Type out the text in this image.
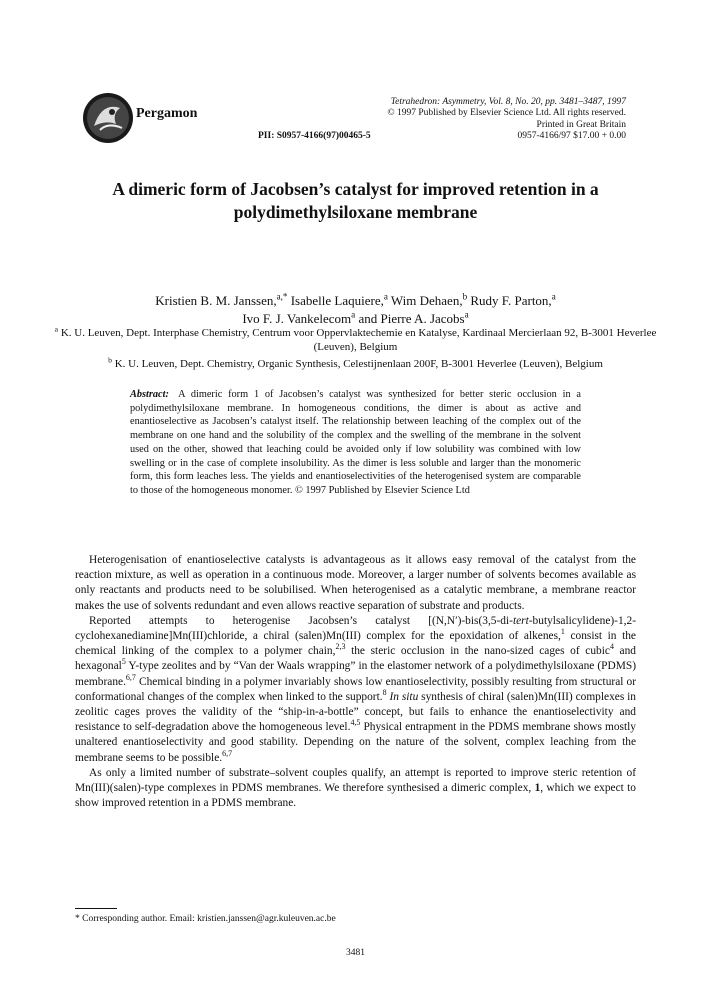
Pergamon
Tetrahedron: Asymmetry, Vol. 8, No. 20, pp. 3481–3487, 1997
© 1997 Published by Elsevier Science Ltd. All rights reserved.
Printed in Great Britain
0957-4166/97 $17.00 + 0.00
PII: S0957-4166(97)00465-5
A dimeric form of Jacobsen’s catalyst for improved retention in a polydimethylsiloxane membrane
Kristien B. M. Janssen,$^{a,*}$ Isabelle Laquiere,$^a$ Wim Dehaen,$^b$ Rudy F. Parton,$^a$
Ivo F. J. Vankelecom$^a$ and Pierre A. Jacobs$^a$
$^a$ K. U. Leuven, Dept. Interphase Chemistry, Centrum voor Oppervlaktechemie en Katalyse, Kardinaal Mercierlaan 92, B-3001 Heverlee (Leuven), Belgium
$^b$ K. U. Leuven, Dept. Chemistry, Organic Synthesis, Celestijnenlaan 200F, B-3001 Heverlee (Leuven), Belgium
Abstract: A dimeric form 1 of Jacobsen’s catalyst was synthesized for better steric occlusion in a polydimethylsiloxane membrane. In homogeneous conditions, the dimer is about as active and enantioselective as Jacobsen’s catalyst itself. The relationship between leaching of the complex out of the membrane on one hand and the solubility of the complex and the swelling of the membrane in the solvent used on the other, showed that leaching could be avoided only if low solubility was combined with low swelling or in the case of complete insolubility. As the dimer is less soluble and larger than the monomeric form, this form leaches less. The yields and enantioselectivities of the heterogenised system are comparable to those of the homogeneous monomer. © 1997 Published by Elsevier Science Ltd

Heterogenisation of enantioselective catalysts is advantageous as it allows easy removal of the catalyst from the reaction mixture, as well as operation in a continuous mode. Moreover, a larger number of solvents becomes available as only reactants and products need to be solubilised. When heterogenised as a catalytic membrane, a membrane reactor makes the use of solvents redundant and even allows reactive separation of substrate and products.

Reported attempts to heterogenise Jacobsen’s catalyst [(N,N′)-bis(3,5-di-tert-butylsalicylidene)-1,2-cyclohexanediamine]Mn(III)chloride, a chiral (salen)Mn(III) complex for the epoxidation of alkenes,$^1$ consist in the chemical linking of the complex to a polymer chain,$^{2,3}$ the steric occlusion in the nano-sized cages of cubic$^4$ and hexagonal$^5$ Y-type zeolites and by “Van der Waals wrapping” in the elastomer network of a polydimethylsiloxane (PDMS) membrane.$^{6,7}$ Chemical binding in a polymer invariably shows low enantioselectivity, possibly resulting from structural or conformational changes of the complex when linked to the support.$^8$ In situ synthesis of chiral (salen)Mn(III) complexes in zeolitic cages proves the validity of the “ship-in-a-bottle” concept, but fails to enhance the enantioselectivity and resistance to self-degradation above the homogeneous level.$^{4,5}$ Physical entrapment in the PDMS membrane shows mostly unaltered enantioselectivity and good stability. Depending on the nature of the solvent, complex leaching from the membrane seems to be possible.$^{6,7}$

As only a limited number of substrate–solvent couples qualify, an attempt is reported to improve steric retention of Mn(III)(salen)-type complexes in PDMS membranes. We therefore synthesised a dimeric complex, 1, which we expect to show improved retention in a PDMS membrane.

* Corresponding author. Email: kristien.janssen@agr.kuleuven.ac.be
3481
